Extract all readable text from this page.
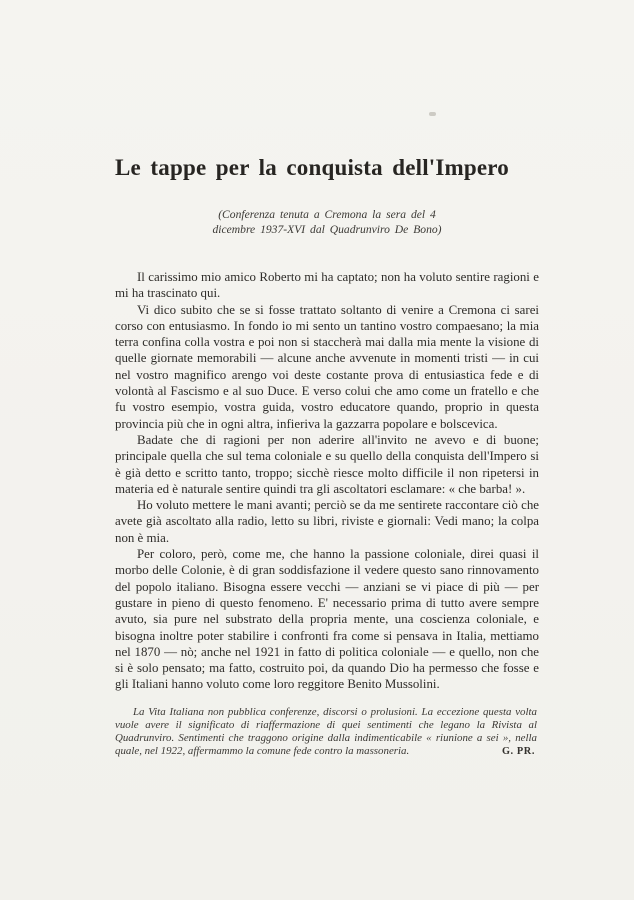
Le tappe per la conquista dell'Impero
(Conferenza tenuta a Cremona la sera del 4
dicembre 1937-XVI dal Quadrunviro De Bono)

Il carissimo mio amico Roberto mi ha captato; non ha voluto sentire ragioni e mi ha trascinato qui.

Vi dico subito che se si fosse trattato soltanto di venire a Cremona ci sarei corso con entusiasmo. In fondo io mi sento un tantino vostro compaesano; la mia terra confina colla vostra e poi non si staccherà mai dalla mia mente la visione di quelle giornate memorabili — alcune anche avvenute in momenti tristi — in cui nel vostro magnifico arengo voi deste costante prova di entusiastica fede e di volontà al Fascismo e al suo Duce. E verso colui che amo come un fratello e che fu vostro esempio, vostra guida, vostro educatore quando, proprio in questa provincia più che in ogni altra, infieriva la gazzarra popolare e bolscevica.

Badate che di ragioni per non aderire all'invito ne avevo e di buone; principale quella che sul tema coloniale e su quello della conquista dell'Impero si è già detto e scritto tanto, troppo; sicchè riesce molto difficile il non ripetersi in materia ed è naturale sentire quindi tra gli ascoltatori esclamare: « che barba! ».

Ho voluto mettere le mani avanti; perciò se da me sentirete raccontare ciò che avete già ascoltato alla radio, letto su libri, riviste e giornali: Vedi mano; la colpa non è mia.

Per coloro, però, come me, che hanno la passione coloniale, direi quasi il morbo delle Colonie, è di gran soddisfazione il vedere questo sano rinnovamento del popolo italiano. Bisogna essere vecchi — anziani se vi piace di più — per gustare in pieno di questo fenomeno. E' necessario prima di tutto avere sempre avuto, sia pure nel substrato della propria mente, una coscienza coloniale, e bisogna inoltre poter stabilire i confronti fra come si pensava in Italia, mettiamo nel 1870 — nò; anche nel 1921 in fatto di politica coloniale — e quello, non che si è solo pensato; ma fatto, costruito poi, da quando Dio ha permesso che fosse e gli Italiani hanno voluto come loro reggitore Benito Mussolini.

La Vita Italiana non pubblica conferenze, discorsi o prolusioni. La eccezione questa volta vuole avere il significato di riaffermazione di quei sentimenti che legano la Rivista al Quadrunviro. Sentimenti che traggono origine dalla indimenticabile « riunione a sei », nella quale, nel 1922, affermammo la comune fede contro la massoneria.	G. PR.
